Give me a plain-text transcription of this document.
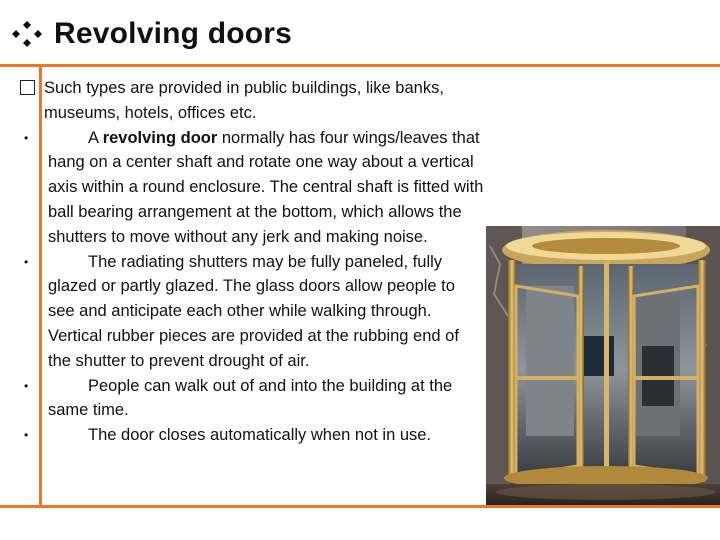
Revolving doors
Such types are provided in public buildings, like banks, museums, hotels, offices etc.
•	A revolving door normally has four wings/leaves that hang on a center shaft and rotate one way about a vertical axis within a round enclosure. The central shaft is fitted with ball bearing arrangement at the bottom, which allows the shutters to move without any jerk and making noise.
•	The radiating shutters may be fully paneled, fully glazed or partly glazed. The glass doors allow people to see and anticipate each other while walking through. Vertical rubber pieces are provided at the rubbing end of the shutter to prevent drought of air.
•	People can walk out of and into the building at the same time.
•	The door closes automatically when not in use.
